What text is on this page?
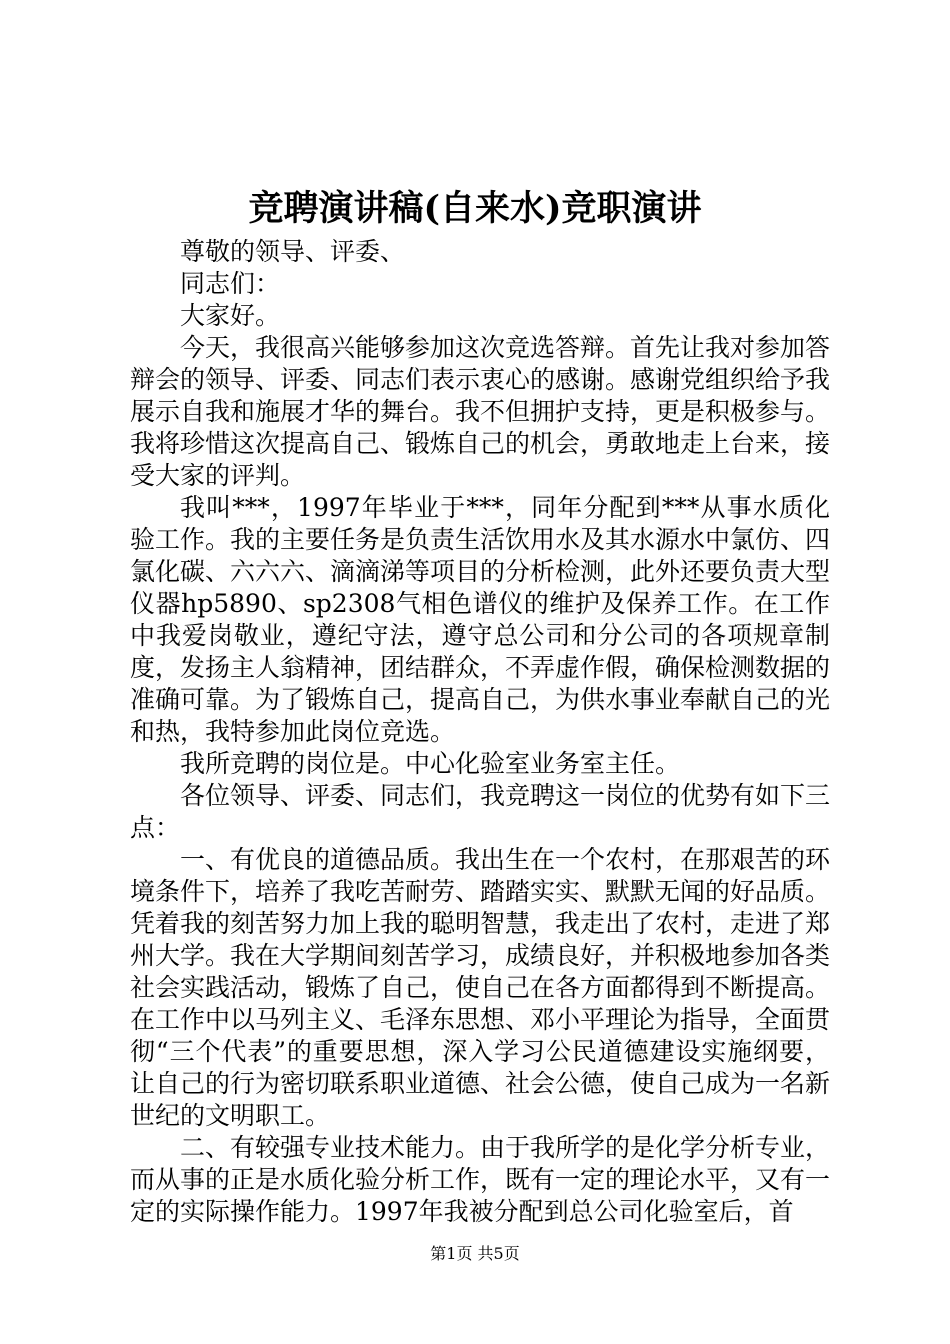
竞聘演讲稿(自来水)竞职演讲

尊敬的领导、评委、

同志们：

大家好。

今天，我很高兴能够参加这次竞选答辩。首先让我对参加答辩会的领导、评委、同志们表示衷心的感谢。感谢党组织给予我展示自我和施展才华的舞台。我不但拥护支持，更是积极参与。我将珍惜这次提高自己、锻炼自己的机会，勇敢地走上台来，接受大家的评判。

我叫***，1997年毕业于***，同年分配到***从事水质化验工作。我的主要任务是负责生活饮用水及其水源水中氯仿、四氯化碳、六六六、滴滴涕等项目的分析检测，此外还要负责大型仪器hp5890、sp2308气相色谱仪的维护及保养工作。在工作中我爱岗敬业，遵纪守法，遵守总公司和分公司的各项规章制度，发扬主人翁精神，团结群众，不弄虚作假，确保检测数据的准确可靠。为了锻炼自己，提高自己，为供水事业奉献自己的光和热，我特参加此岗位竞选。

我所竞聘的岗位是。中心化验室业务室主任。

各位领导、评委、同志们，我竞聘这一岗位的优势有如下三点：

一、有优良的道德品质。我出生在一个农村，在那艰苦的环境条件下，培养了我吃苦耐劳、踏踏实实、默默无闻的好品质。凭着我的刻苦努力加上我的聪明智慧，我走出了农村，走进了郑州大学。我在大学期间刻苦学习，成绩良好，并积极地参加各类社会实践活动，锻炼了自己，使自己在各方面都得到不断提高。在工作中以马列主义、毛泽东思想、邓小平理论为指导，全面贯彻“三个代表”的重要思想，深入学习公民道德建设实施纲要，让自己的行为密切联系职业道德、社会公德，使自己成为一名新世纪的文明职工。

二、有较强专业技术能力。由于我所学的是化学分析专业，而从事的正是水质化验分析工作，既有一定的理论水平，又有一定的实际操作能力。1997年我被分配到总公司化验室后，首

第1页 共5页
